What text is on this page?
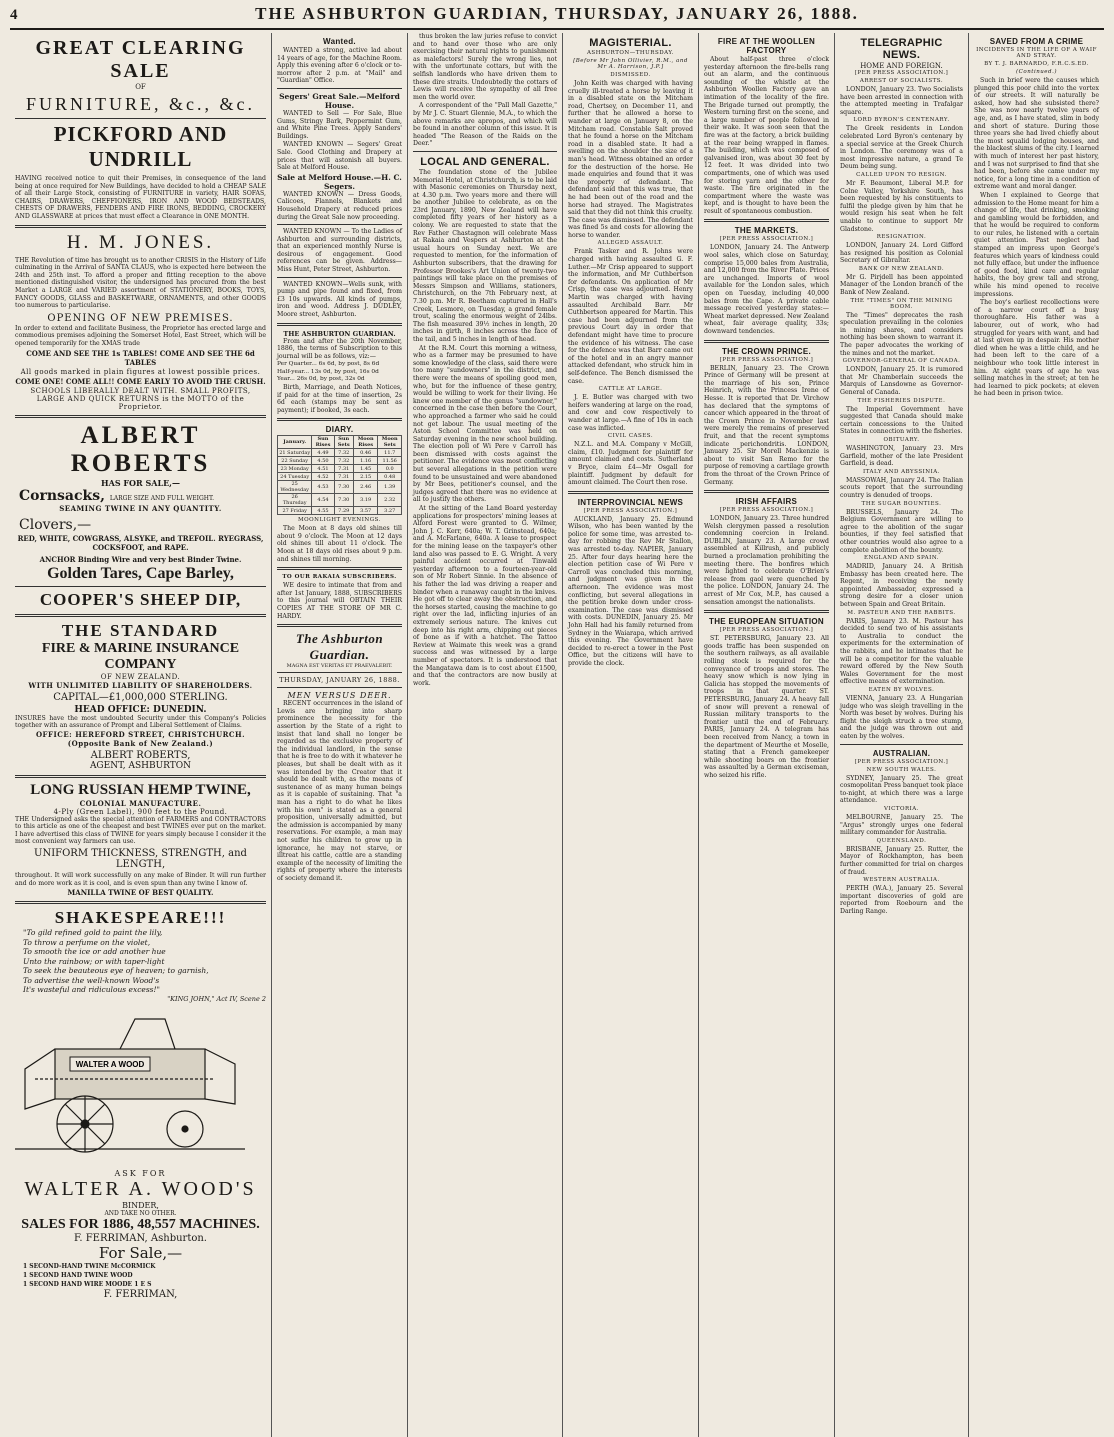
4	THE ASHBURTON GUARDIAN, THURSDAY, JANUARY 26, 1888.
GREAT CLEARING SALE
OF
FURNITURE, &c., &c.
PICKFORD AND UNDRILL

HAVING received notice to quit their Premises, in consequence of the land being at once required for New Buildings, have decided to hold a CHEAP SALE of all their Large Stock, consisting of FURNITURE in variety, HAIR SOFAS, CHAIRS, DRAWERS, CHEFFIONERS, IRON AND WOOD BEDSTEADS, CHESTS OF DRAWERS, FENDERS AND FIRE IRONS, BEDDING, CROCKERY AND GLASSWARE at prices that must effect a Clearance in ONE MONTH.

H. M. JONES.

THE Revolution of time has brought us to another CRISIS in the History of Life culminating in the Arrival of SANTA CLAUS, who is expected here between the 24th and 25th inst. To afford a proper and fitting reception to the above mentioned distinguished visitor, the undersigned has procured from the best Market a LARGE and VARIED assortment of STATIONERY, BOOKS, TOYS, FANCY GOODS, GLASS and BASKETWARE, ORNAMENTS, and other GOODS too numerous to particularise.

OPENING OF NEW PREMISES.

In order to extend and facilitate Business, the Proprietor has erected large and commodious premises adjoining the Somerset Hotel, East Street, which will be opened temporarily for the XMAS trade

COME AND SEE THE 1s TABLES! COME AND SEE THE 6d TABLES
All goods marked in plain figures at lowest possible prices.
COME ONE! COME ALL!! COME EARLY TO AVOID THE CRUSH.
SCHOOLS LIBERALLY DEALT WITH. SMALL PROFITS, LARGE AND QUICK RETURNS is the MOTTO of the Proprietor.
ALBERT ROBERTS
HAS FOR SALE,—
Cornsacks, LARGE SIZE AND FULL WEIGHT.
SEAMING TWINE IN ANY QUANTITY.
Clovers,—
RED, WHITE, COWGRASS, ALSYKE, and TREFOIL. RYEGRASS, COCKSFOOT, and RAPE.
ANCHOR Binding Wire and very best Binder Twine.
Golden Tares, Cape Barley,
COOPER'S SHEEP DIP,
THE STANDARD
FIRE & MARINE INSURANCE COMPANY
OF NEW ZEALAND.
WITH UNLIMITED LIABILITY OF SHAREHOLDERS.
CAPITAL—£1,000,000 STERLING.
HEAD OFFICE: DUNEDIN.

INSURES have the most undoubted Security under this Company's Policies together with an assurance of Prompt and Liberal Settlement of Claims.

OFFICE: HEREFORD STREET, CHRISTCHURCH. (Opposite Bank of New Zealand.)
ALBERT ROBERTS,
AGENT, ASHBURTON
LONG RUSSIAN HEMP TWINE,
COLONIAL MANUFACTURE.
4-Ply (Green Label), 900 feet to the Pound.

THE Undersigned asks the special attention of FARMERS and CONTRACTORS to this article as one of the cheapest and best TWINES ever put on the market. I have advertised this class of TWINE for years simply because I consider it the most convenient way farmers can use.

UNIFORM THICKNESS, STRENGTH, and LENGTH,

throughout. It will work successfully on any make of Binder. It will run further and do more work as it is cool, and is even spun than any twine I know of.

MANILLA TWINE OF BEST QUALITY.
SHAKESPEARE!!!
"To gild refined gold to paint the lily,
To throw a perfume on the violet,
To smooth the ice or add another hue
Unto the rainbow; or with taper-light
To seek the beauteous eye of heaven; to garnish,
To advertise the well-known Wood's
It's wasteful and ridiculous excess!"
"KING JOHN," Act IV, Scene 2
WALTER A WOOD
ASK FOR
WALTER A. WOOD'S
BINDER,
AND TAKE NO OTHER.
SALES FOR 1886, 48,557 MACHINES.
F. FERRIMAN, Ashburton.
For Sale,—
1 SECOND-HAND TWINE McCORMICK
1 SECOND HAND TWINE WOOD
1 SECOND HAND WIRE MOODE 1 E S
F. FERRIMAN,
Wanted.

WANTED a strong, active lad about 14 years of age, for the Machine Room. Apply this evening after 6 o'clock or to-morrow after 2 p.m. at "Mail" and "Guardian" Office.

Segers' Great Sale.—Melford House.

WANTED to Sell — For Sale, Blue Gums, Stringy Bark, Peppermint Gum, and White Pine Trees. Apply Sanders' Buildings.

WANTED KNOWN — Segers' Great Sale. Good Clothing and Drapery at prices that will astonish all buyers. Sale at Melford House.

Sale at Melford House.—H. C. Segers.

WANTED KNOWN — Dress Goods, Calicoes, Flannels, Blankets and Household Drapery at reduced prices during the Great Sale now proceeding.

WANTED KNOWN — To the Ladies of Ashburton and surrounding districts, that an experienced monthly Nurse is desirous of engagement. Good references can be given. Address—Miss Hunt, Peter Street, Ashburton.

WANTED KNOWN—Wells sunk, with pump and pipe found and fixed, from £3 10s upwards. All kinds of pumps, iron and wood. Address J. DUDLEY, Moore street, Ashburton.

THE ASHBURTON GUARDIAN.

From and after the 20th November, 1886, the terms of Subscription to this journal will be as follows, viz:—

Per Quarter... 6s 6d, by post, 8s 6d
Half-year... 13s 0d, by post, 16s 0d
Year... 26s 0d, by post, 32s 0d

Birth, Marriage, and Death Notices, if paid for at the time of insertion, 2s 6d each (stamps may be sent as payment); if booked, 3s each.

DIARY.
January.	Sun Rises	Sun Sets	Moon Rises	Moon Sets
21 Saturday	4.49	7.32	0.46	11.7
22 Sunday	4.50	7.32	1.16	11.56
23 Monday	4.51	7.31	1.45	0.0
24 Tuesday	4.52	7.31	2.15	0.48
25 Wednesday	4.53	7.30	2.46	1.39
26 Thursday	4.54	7.30	3.19	2.32
27 Friday	4.55	7.29	3.57	3.27
MOONLIGHT EVENINGS.

The Moon at 8 days old shines till about 9 o'clock. The Moon at 12 days old shines till about 11 o'clock. The Moon at 18 days old rises about 9 p.m. and shines till morning.

TO OUR RAKAIA SUBSCRIBERS.

WE desire to intimate that from and after 1st January, 1888, SUBSCRIBERS to this journal will OBTAIN THEIR COPIES AT THE STORE OF MR C. HARDY.

The Ashburton Guardian.
MAGNA EST VERITAS ET PRAEVALEBIT.
THURSDAY, JANUARY 26, 1888.
MEN VERSUS DEER.

RECENT occurrences in the island of Lewis are bringing into sharp prominence the necessity for the assertion by the State of a right to insist that land shall no longer be regarded as the exclusive property of the individual landlord, in the sense that he is free to do with it whatever he pleases, but shall be dealt with as it was intended by the Creator that it should be dealt with, as the means of sustenance of as many human beings as it is capable of sustaining. That "a man has a right to do what he likes with his own" is stated as a general proposition, universally admitted, but the admission is accompanied by many reservations. For example, a man may not suffer his children to grow up in ignorance, he may not starve, or illtreat his cattle, cattle are a standing example of the necessity of limiting the rights of property where the interests of society demand it.

thus broken the law juries refuse to convict and to hand over those who are only exercising their natural rights to punishment as malefactors! Surely the wrong lies, not with the unfortunate cottars, but with the selfish landlords who have driven them to these dire straits. Undoubtedly the cottars of Lewis will receive the sympathy of all free men the world over.

A correspondent of the "Pall Mall Gazette," by Mr J. C. Stuart Glennie, M.A., to which the above remarks are apropos, and which will be found in another column of this issue. It is headed "The Reason of the Raids on the Deer."

LOCAL AND GENERAL.

The foundation stone of the Jubilee Memorial Hotel, at Christchurch, is to be laid with Masonic ceremonies on Thursday next, at 4.30 p.m. Two years more and there will be another Jubilee to celebrate, as on the 23rd January, 1890, New Zealand will have completed fifty years of her history as a colony. We are requested to state that the Rev Father Chastagnon will celebrate Mass at Rakaia and Vespers at Ashburton at the usual hours on Sunday next. We are requested to mention, for the information of Ashburton subscribers, that the drawing for Professor Brookes's Art Union of twenty-two paintings will take place on the premises of Messrs Simpson and Williams, stationers, Christchurch, on the 7th February next, at 7.30 p.m. Mr R. Beetham captured in Hall's Creek, Lesmore, on Tuesday, a grand female trout, scaling the enormous weight of 24lbs. The fish measured 39½ inches in length, 20 inches in girth, 8 inches across the face of the tail, and 5 inches in length of head.

At the R.M. Court this morning a witness, who as a farmer may be presumed to have some knowledge of the class, said there were too many "sundowners" in the district, and there were the means of spoiling good men, who, but for the influence of these gentry, would be willing to work for their living. He knew one member of the genus "sundowner," concerned in the case then before the Court, who approached a farmer who said he could not get labour. The usual meeting of the Aston School Committee was held on Saturday evening in the new school building. The election poll of Wi Pere v Carroll has been dismissed with costs against the petitioner. The evidence was most conflicting but several allegations in the petition were found to be unsustained and were abandoned by Mr Bees, petitioner's counsel, and the judges agreed that there was no evidence at all to justify the others.

At the sitting of the Land Board yesterday applications for prospectors' mining leases at Alford Forest were granted to G. Wilmer, John J. C. Kerr, 640a; W. T. Grinstead, 640a; and A. McFarlane, 640a. A lease to prospect for the mining lease on the taxpayer's other land also was passed to E. G. Wright. A very painful accident occurred at Tinwald yesterday afternoon to a fourteen-year-old son of Mr Robert Sinnie. In the absence of his father the lad was driving a reaper and binder when a runaway caught in the knives. He got off to clear away the obstruction, and the horses started, causing the machine to go right over the lad, inflicting injuries of an extremely serious nature. The knives cut deep into his right arm, chipping out pieces of bone as if with a hatchet. The Tattoo Review at Waimate this week was a grand success and was witnessed by a large number of spectators. It is understood that the Mangatawa dam is to cost about £1500, and that the contractors are now busily at work.

MAGISTERIAL.
ASHBURTON—THURSDAY.
[Before Mr John Ollivier, R.M., and Mr A. Harrison, J.P.]
DISMISSED.

John Keith was charged with having cruelly ill-treated a horse by leaving it in a disabled state on the Mitcham road, Chertsey, on December 11, and further that he allowed a horse to wander at large on January 8, on the Mitcham road. Constable Salt proved that he found a horse on the Mitcham road in a disabled state. It had a swelling on the shoulder the size of a man's head. Witness obtained an order for the destruction of the horse. He made enquiries and found that it was the property of defendant. The defendant said that this was true, that he had been out of the road and the horse had strayed. The Magistrates said that they did not think this cruelty. The case was dismissed. The defendant was fined 5s and costs for allowing the horse to wander.

ALLEGED ASSAULT.

Frank Tasker and R. Johns were charged with having assaulted G. F. Luther.—Mr Crisp appeared to support the information, and Mr Cuthbertson for defendants. On application of Mr Crisp, the case was adjourned. Henry Martin was charged with having assaulted Archibald Barr. Mr Cuthbertson appeared for Martin. This case had been adjourned from the previous Court day in order that defendant might have time to procure the evidence of his witness. The case for the defence was that Barr came out of the hotel and in an angry manner attacked defendant, who struck him in self-defence. The Bench dismissed the case.

CATTLE AT LARGE.

J. E. Butler was charged with two heifers wandering at large on the road, and cow and cow respectively to wander at large.—A fine of 10s in each case was inflicted.

CIVIL CASES.

N.Z.L. and M.A. Company v McGill, claim, £10. Judgment for plaintiff for amount claimed and costs. Sutherland v Bryce, claim £4—Mr Osgall for plaintiff. Judgment by default for amount claimed. The Court then rose.

INTERPROVINCIAL NEWS
[PER PRESS ASSOCIATION.]

AUCKLAND, January 25. Edmund Wilson, who has been wanted by the police for some time, was arrested to-day for robbing the Rev Mr Stallon, was arrested to-day. NAPIER, January 25. After four days hearing here the election petition case of Wi Pere v Carroll was concluded this morning, and judgment was given in the afternoon. The evidence was most conflicting, but several allegations in the petition broke down under cross-examination. The case was dismissed with costs. DUNEDIN, January 25. Mr John Hall had his family returned from Sydney in the Waiarapa, which arrived this evening. The Government have decided to re-erect a tower in the Post Office, but the citizens will have to provide the clock.

FIRE AT THE WOOLLEN FACTORY

About half-past three o'clock yesterday afternoon the fire-bells rang out an alarm, and the continuous sounding of the whistle at the Ashburton Woollen Factory gave an intimation of the locality of the fire. The Brigade turned out promptly, the Western turning first on the scene, and a large number of people followed in their wake. It was soon seen that the fire was at the factory, a brick building at the rear being wrapped in flames. The building, which was composed of galvanised iron, was about 30 feet by 12 feet. It was divided into two compartments, one of which was used for storing yarn and the other for waste. The fire originated in the compartment where the waste was kept, and is thought to have been the result of spontaneous combustion.

THE MARKETS.
[PER PRESS ASSOCIATION.]

LONDON, January 24. The Antwerp wool sales, which close on Saturday, comprise 15,000 bales from Australia, and 12,000 from the River Plate. Prices are unchanged. Imports of wool available for the London sales, which open on Tuesday, including 40,000 bales from the Cape. A private cable message received yesterday states:—Wheat market depressed. New Zealand wheat, fair average quality, 33s; downward tendencies.

THE CROWN PRINCE.
[PER PRESS ASSOCIATION.]

BERLIN, January 23. The Crown Prince of Germany will be present at the marriage of his son, Prince Heinrich, with the Princess Irene of Hesse. It is reported that Dr. Virchow has declared that the symptoms of cancer which appeared in the throat of the Crown Prince in November last were merely the remains of preserved fruit, and that the recent symptoms indicate perichondritis. LONDON, January 25. Sir Morell Mackenzie is about to visit San Remo for the purpose of removing a cartilage growth from the throat of the Crown Prince of Germany.

IRISH AFFAIRS
[PER PRESS ASSOCIATION.]

LONDON, January 23. Three hundred Welsh clergymen passed a resolution condemning coercion in Ireland. DUBLIN, January 23. A large crowd assembled at Killrush, and publicly burned a proclamation prohibiting the meeting there. The bonfires which were lighted to celebrate O'Brien's release from gaol were quenched by the police. LONDON, January 24. The arrest of Mr Cox, M.P., has caused a sensation amongst the nationalists.

THE EUROPEAN SITUATION
[PER PRESS ASSOCIATION.]

ST. PETERSBURG, January 23. All goods traffic has been suspended on the southern railways, as all available rolling stock is required for the conveyance of troops and stores. The heavy snow which is now lying in Galicia has stopped the movements of troops in that quarter. ST. PETERSBURG, January 24. A heavy fall of snow will prevent a renewal of Russian military transports to the frontier until the end of February. PARIS, January 24. A telegram has been received from Nancy, a town in the department of Meurthe et Moselle, stating that a French gamekeeper while shooting boars on the frontier was assaulted by a German exciseman, who seized his rifle.

TELEGRAPHIC NEWS.
HOME AND FOREIGN.
[PER PRESS ASSOCIATION.]
ARREST OF SOCIALISTS.

LONDON, January 23. Two Socialists have been arrested in connection with the attempted meeting in Trafalgar square.

LORD BYRON'S CENTENARY.

The Greek residents in London celebrated Lord Byron's centenary by a special service at the Greek Church in London. The ceremony was of a most impressive nature, a grand Te Deum being sung.

CALLED UPON TO RESIGN.

Mr F. Beaumont, Liberal M.P. for Colne Valley, Yorkshire South, has been requested by his constituents to fulfil the pledge given by him that he would resign his seat when he felt unable to continue to support Mr Gladstone.

RESIGNATION.

LONDON, January 24. Lord Gifford has resigned his position as Colonial Secretary of Gibraltar.

BANK OF NEW ZEALAND.

Mr G. Pirjdell has been appointed Manager of the London branch of the Bank of New Zealand.

THE "TIMES" ON THE MINING BOOM.

The "Times" deprecates the rash speculation prevailing in the colonies in mining shares, and considers nothing has been shown to warrant it. The paper advocates the working of the mines and not the market.

GOVERNOR-GENERAL OF CANADA.

LONDON, January 25. It is rumored that Mr Chamberlain succeeds the Marquis of Lansdowne as Governor-General of Canada.

THE FISHERIES DISPUTE.

The Imperial Government have suggested that Canada should make certain concessions to the United States in connection with the fisheries.

OBITUARY.

WASHINGTON, January 23. Mrs Garfield, mother of the late President Garfield, is dead.

ITALY AND ABYSSINIA.

MASSOWAH, January 24. The Italian scouts report that the surrounding country is denuded of troops.

THE SUGAR BOUNTIES.

BRUSSELS, January 24. The Belgium Government are willing to agree to the abolition of the sugar bounties, if they feel satisfied that other countries would also agree to a complete abolition of the bounty.

ENGLAND AND SPAIN.

MADRID, January 24. A British Embassy has been created here. The Regent, in receiving the newly appointed Ambassador, expressed a strong desire for a closer union between Spain and Great Britain.

M. PASTEUR AND THE RABBITS.

PARIS, January 23. M. Pasteur has decided to send two of his assistants to Australia to conduct the experiments for the extermination of the rabbits, and he intimates that he will be a competitor for the valuable reward offered by the New South Wales Government for the most effective means of extermination.

EATEN BY WOLVES.

VIENNA, January 23. A Hungarian judge who was sleigh travelling in the North was beset by wolves. During his flight the sleigh struck a tree stump, and the judge was thrown out and eaten by the wolves.

AUSTRALIAN.
[PER PRESS ASSOCIATION.]
NEW SOUTH WALES.

SYDNEY, January 25. The great cosmopolitan Press banquet took place to-night, at which there was a large attendance.

VICTORIA.

MELBOURNE, January 25. The "Argus" strongly urges one federal military commander for Australia.

QUEENSLAND.

BRISBANE, January 25. Rutter, the Mayor of Rockhampton, has been further committed for trial on charges of fraud.

WESTERN AUSTRALIA.

PERTH (W.A.), January 25. Several important discoveries of gold are reported from Roebourn and the Darling Range.

SAVED FROM A CRIME
INCIDENTS IN THE LIFE OF A WAIF AND STRAY.
BY T. J. BARNARDO, F.R.C.S.ED.
(Continued.)

Such in brief were the causes which plunged this poor child into the vortex of our streets. It will naturally be asked, how had she subsisted there? She was now nearly twelve years of age, and, as I have stated, slim in body and short of stature. During those three years she had lived chiefly about the most squalid lodging houses, and the blackest slums of the city. I learned with much of interest her past history, and I was not surprised to find that she had been, before she came under my notice, for a long time in a condition of extreme want and moral danger.

When I explained to George that admission to the Home meant for him a change of life, that drinking, smoking and gambling would be forbidden, and that he would be required to conform to our rules, he listened with a certain quiet attention. Past neglect had stamped an impress upon George's features which years of kindness could not fully efface, but under the influence of good food, kind care and regular habits, the boy grew tall and strong, while his mind opened to receive impressions.

The boy's earliest recollections were of a narrow court off a busy thoroughfare. His father was a labourer, out of work, who had struggled for years with want, and had at last given up in despair. His mother died when he was a little child, and he had been left to the care of a neighbour who took little interest in him. At eight years of age he was selling matches in the street; at ten he had learned to pick pockets; at eleven he had been in prison twice.
